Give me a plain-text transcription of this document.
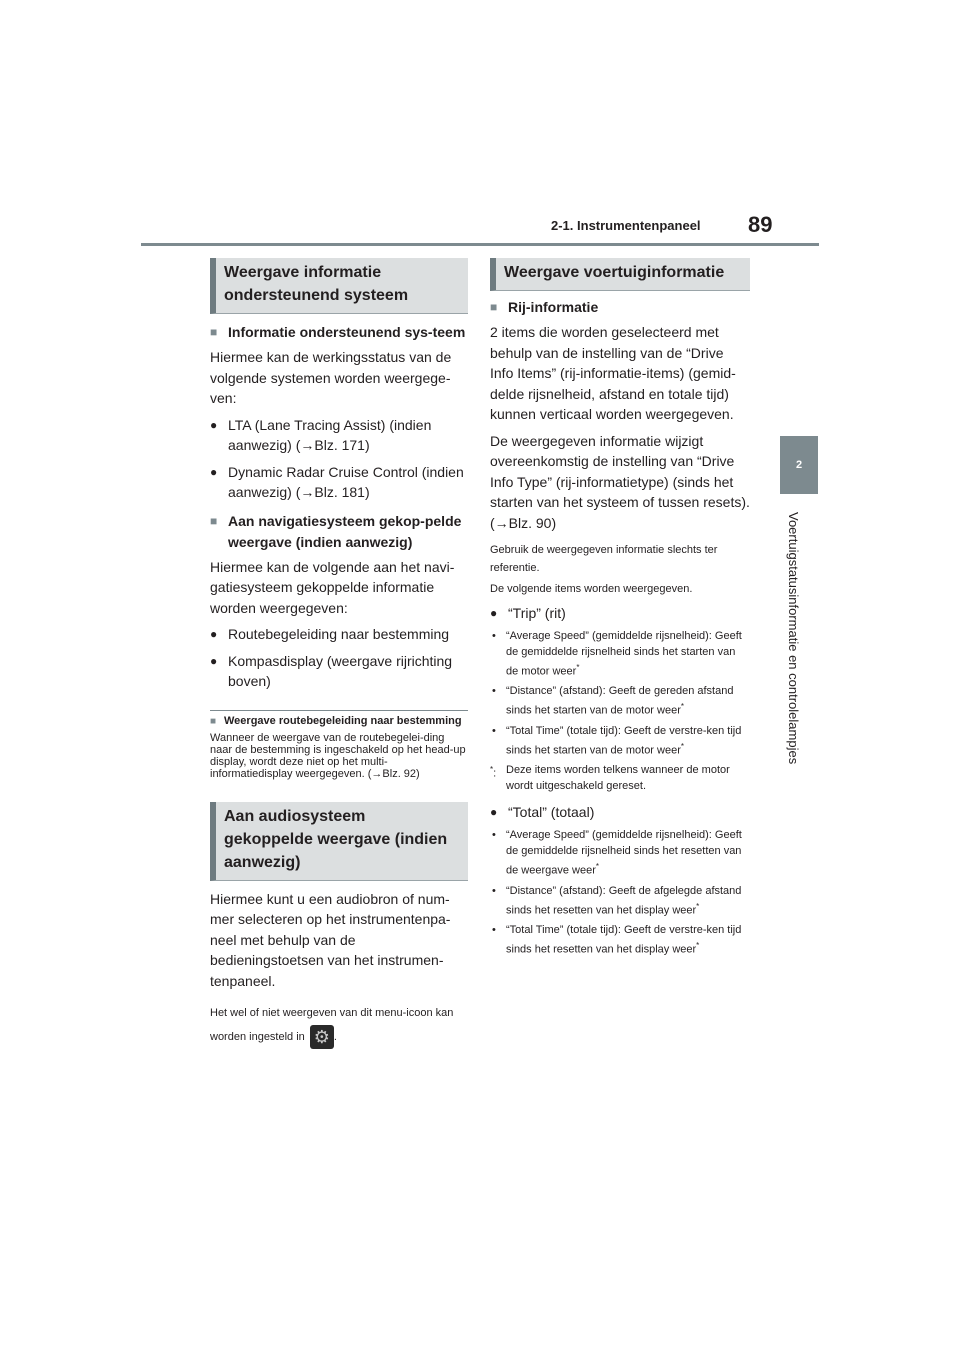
2-1. Instrumentenpaneel 89
2
Voertuigstatusinformatie en controlelampjes
Weergave informatie ondersteunend systeem
■ Informatie ondersteunend sys-teem

Hiermee kan de werkingsstatus van de volgende systemen worden weergege-ven:

● LTA (Lane Tracing Assist) (indien aanwezig) (→Blz. 171)
● Dynamic Radar Cruise Control (indien aanwezig) (→Blz. 181)
■ Aan navigatiesysteem gekop-pelde weergave (indien aanwezig)

Hiermee kan de volgende aan het navi-gatiesysteem gekoppelde informatie worden weergegeven:

● Routebegeleiding naar bestemming
● Kompasdisplay (weergave rijrichting boven)
■ Weergave routebegeleiding naar bestemming
Wanneer de weergave van de routebegelei-ding naar de bestemming is ingeschakeld op het head-up display, wordt deze niet op het multi-informatiedisplay weergegeven. (→Blz. 92)
Aan audiosysteem gekoppelde weergave (indien aanwezig)

Hiermee kunt u een audiobron of num-mer selecteren op het instrumentenpa-neel met behulp van de bedieningstoetsen van het instrumen-tenpaneel.

Het wel of niet weergeven van dit menu-icoon kan worden ingesteld in ⚙ .
Weergave voertuiginformatie
■ Rij-informatie

2 items die worden geselecteerd met behulp van de instelling van de “Drive Info Items” (rij-informatie-items) (gemid-delde rijsnelheid, afstand en totale tijd) kunnen verticaal worden weergegeven.

De weergegeven informatie wijzigt overeenkomstig de instelling van “Drive Info Type” (rij-informatietype) (sinds het starten van het systeem of tussen resets). (→Blz. 90)

Gebruik de weergegeven informatie slechts ter referentie.
De volgende items worden weergegeven.
● “Trip” (rit)
• “Average Speed” (gemiddelde rijsnelheid): Geeft de gemiddelde rijsnelheid sinds het starten van de motor weer*
• “Distance” (afstand): Geeft de gereden afstand sinds het starten van de motor weer*
• “Total Time” (totale tijd): Geeft de verstre-ken tijd sinds het starten van de motor weer*
*: Deze items worden telkens wanneer de motor wordt uitgeschakeld gereset.
● “Total” (totaal)
• “Average Speed” (gemiddelde rijsnelheid): Geeft de gemiddelde rijsnelheid sinds het resetten van de weergave weer*
• “Distance” (afstand): Geeft de afgelegde afstand sinds het resetten van het display weer*
• “Total Time” (totale tijd): Geeft de verstre-ken tijd sinds het resetten van het display weer*
